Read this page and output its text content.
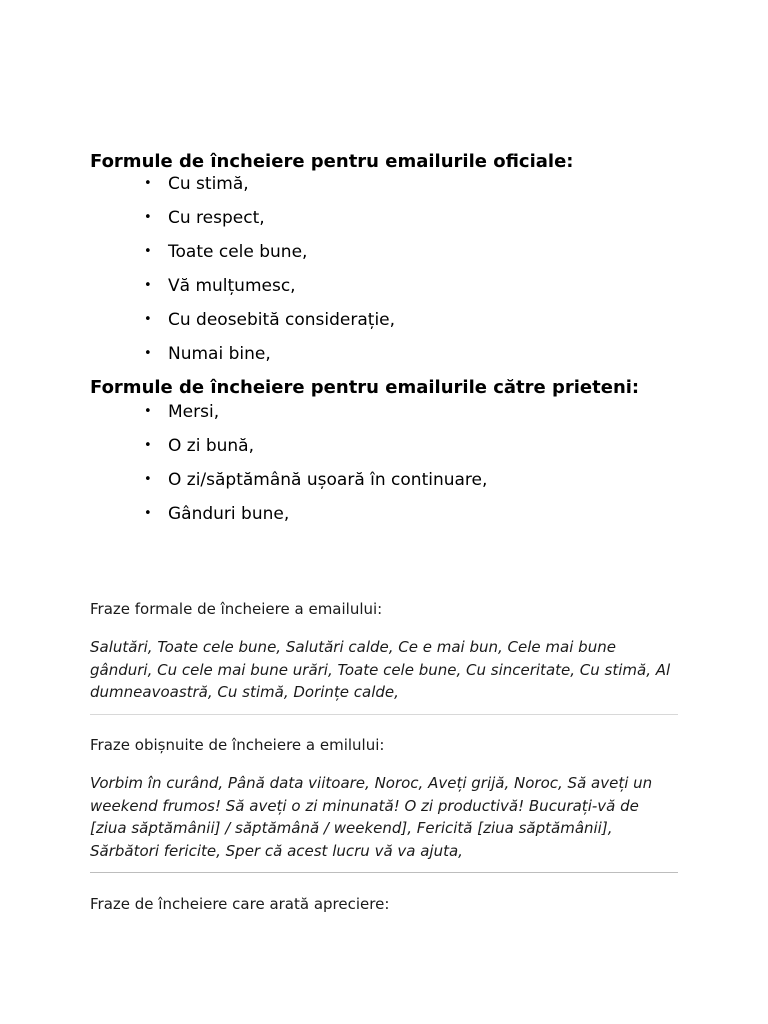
Formule de încheiere pentru emailurile oficiale:
• Cu stimă,
• Cu respect,
• Toate cele bune,
• Vă mulțumesc,
• Cu deosebită considerație,
• Numai bine,
Formule de încheiere pentru emailurile către prieteni:
• Mersi,
• O zi bună,
• O zi/săptămână ușoară în continuare,
• Gânduri bune,

Fraze formale de încheiere a emailului:

Salutări, Toate cele bune, Salutări calde, Ce e mai bun, Cele mai bune gânduri, Cu cele mai bune urări, Toate cele bune, Cu sinceritate, Cu stimă, Al dumneavoastră, Cu stimă, Dorințe calde,

Fraze obișnuite de încheiere a emilului:

Vorbim în curând, Până data viitoare, Noroc, Aveți grijă, Noroc, Să aveți un weekend frumos! Să aveți o zi minunată! O zi productivă! Bucurați-vă de [ziua săptămânii] / săptămână / weekend], Fericită [ziua săptămânii], Sărbători fericite, Sper că acest lucru vă va ajuta,

Fraze de încheiere care arată apreciere:
